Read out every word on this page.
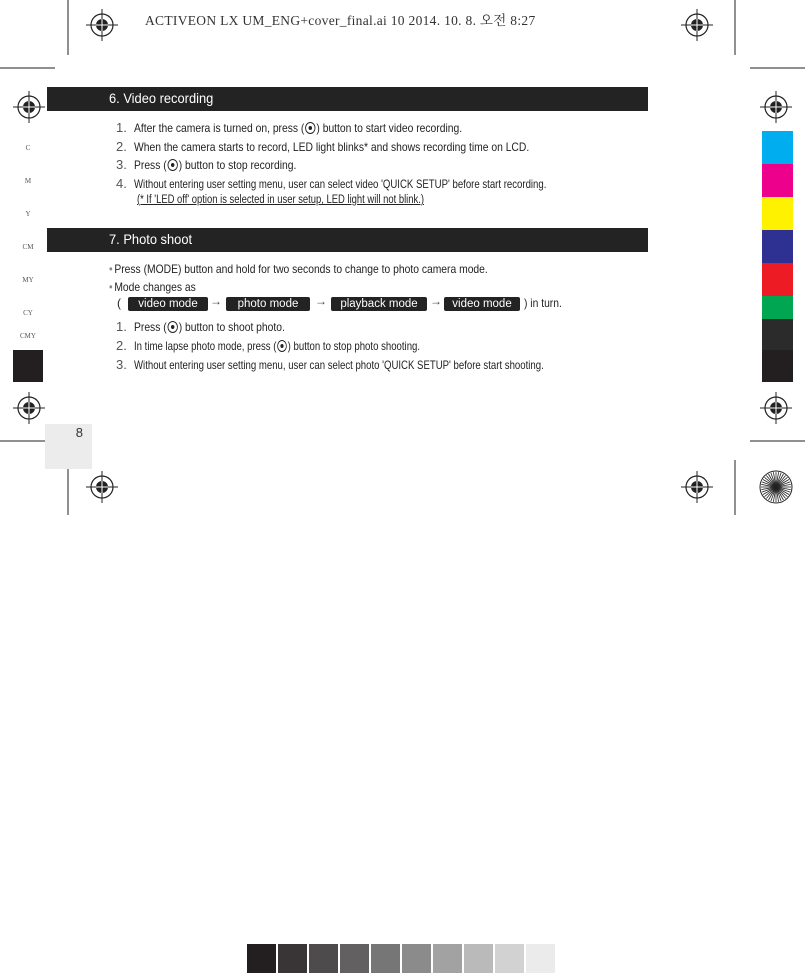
ACTIVEON LX UM_ENG+cover_final.ai 10 2014. 10. 8. 오전 8:27
C
M
Y
CM
MY
CY
CMY
6. Video recording
1. After the camera is turned on, press ( ) button to start video recording.
2. When the camera starts to record, LED light blinks* and shows recording time on LCD.
3. Press ( ) button to stop recording.
4. Without entering user setting menu, user can select video 'QUICK SETUP' before start recording.
(* If 'LED off' option is selected in user setup, LED light will not blink.)
7. Photo shoot
• Press (MODE) button and hold for two seconds to change to photo camera mode.
• Mode changes as
(	video mode	→	photo mode	→	playback mode	→ video mode	) in turn.
1. Press ( ) button to shoot photo.
2. In time lapse photo mode, press ( ) button to stop photo shooting.
3. Without entering user setting menu, user can select photo 'QUICK SETUP' before start shooting.
8
